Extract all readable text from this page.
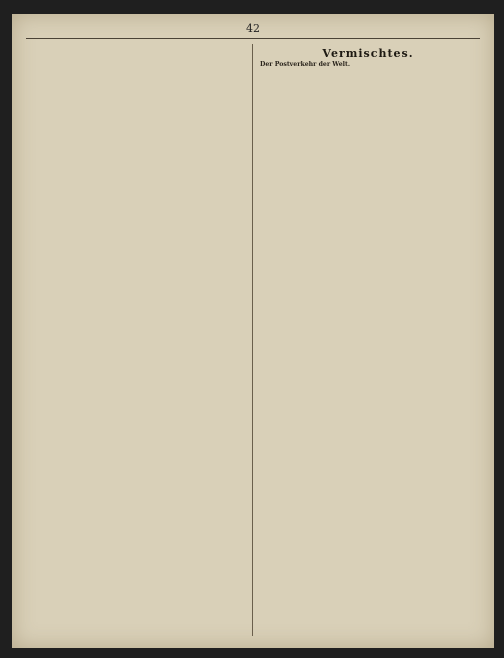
42
Vermischtes.
Der Postverkehr der Welt.
